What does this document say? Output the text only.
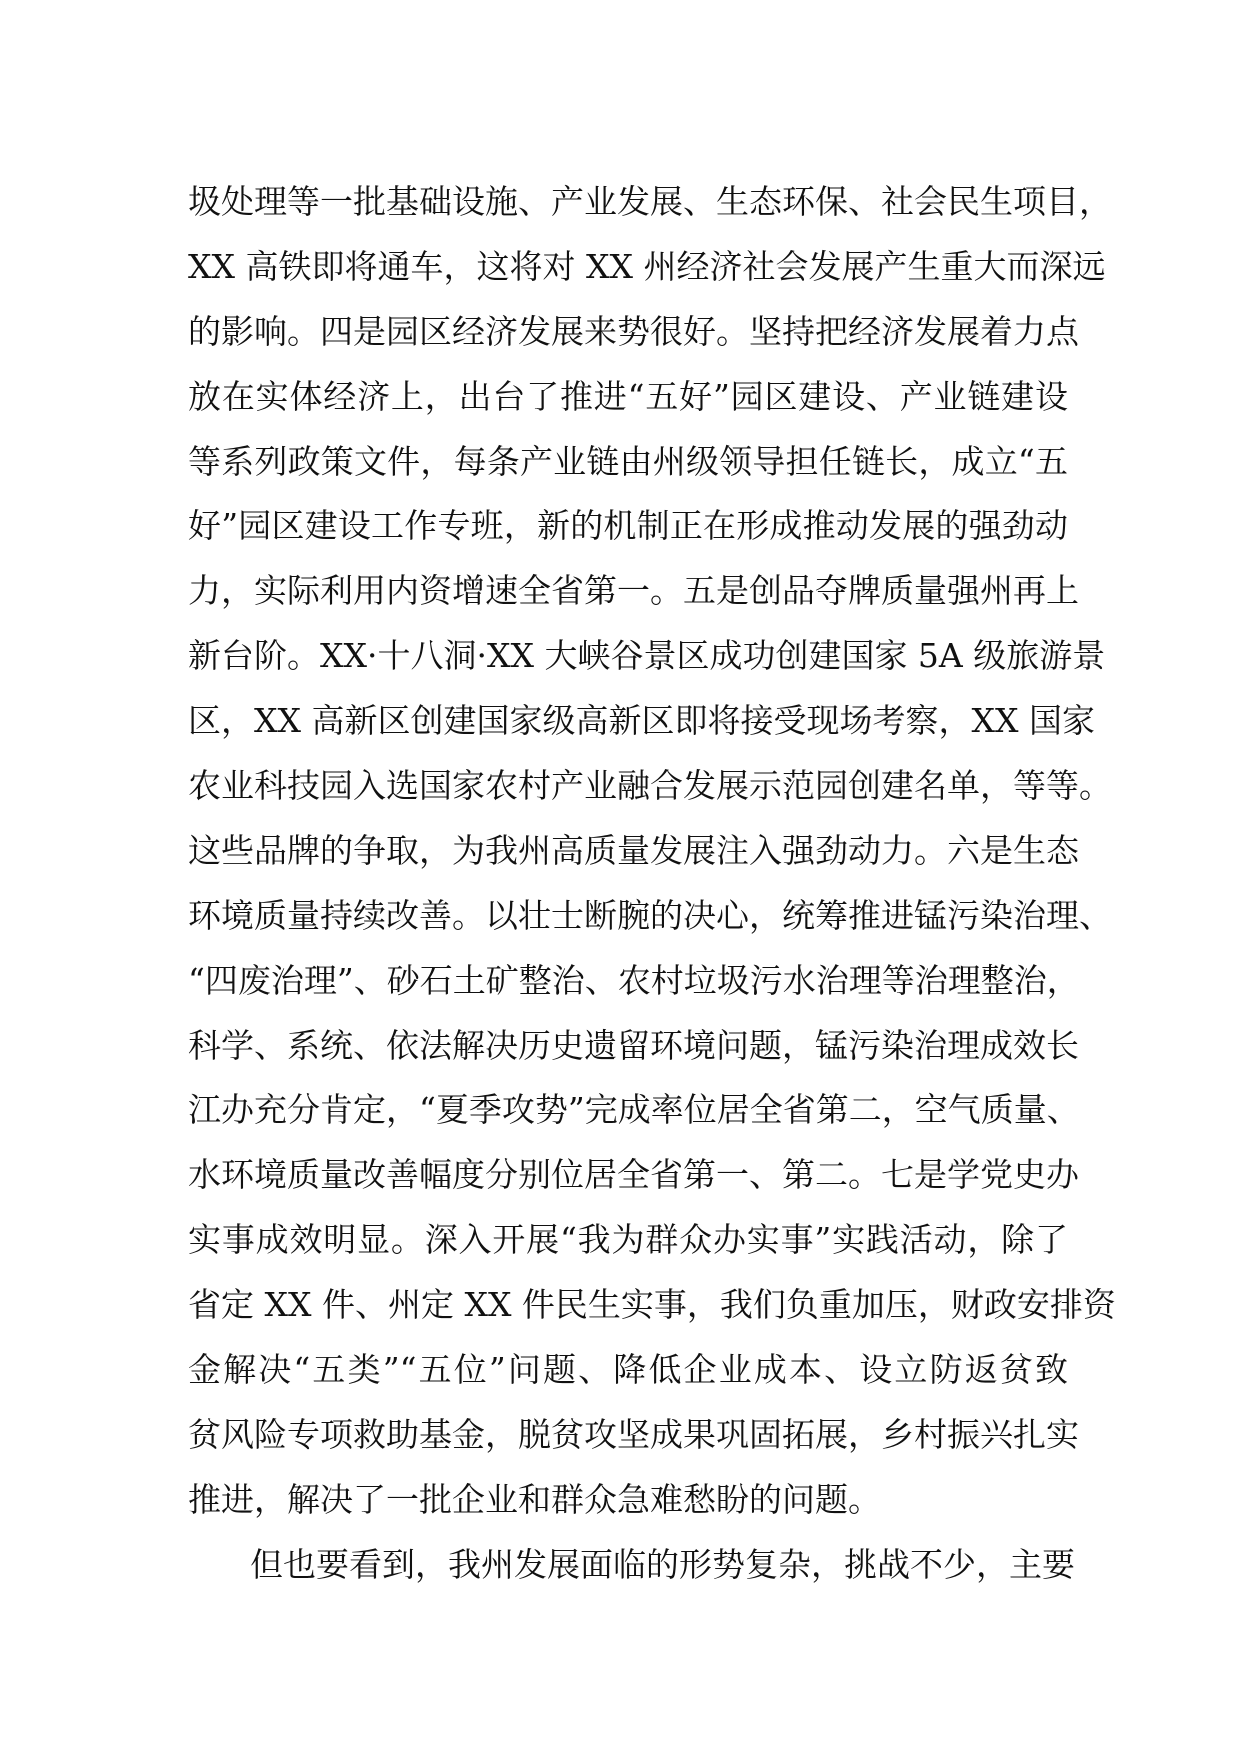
圾处理等一批基础设施、产业发展、生态环保、社会民生项目，
XX 高铁即将通车，这将对 XX 州经济社会发展产生重大而深远
的影响。四是园区经济发展来势很好。坚持把经济发展着力点
放在实体经济上，出台了推进“五好”园区建设、产业链建设
等系列政策文件，每条产业链由州级领导担任链长，成立“五
好”园区建设工作专班，新的机制正在形成推动发展的强劲动
力，实际利用内资增速全省第一。五是创品夺牌质量强州再上
新台阶。XX·十八洞·XX 大峡谷景区成功创建国家 5A 级旅游景
区，XX 高新区创建国家级高新区即将接受现场考察，XX 国家
农业科技园入选国家农村产业融合发展示范园创建名单，等等。
这些品牌的争取，为我州高质量发展注入强劲动力。六是生态
环境质量持续改善。以壮士断腕的决心，统筹推进锰污染治理、
“四废治理”、砂石土矿整治、农村垃圾污水治理等治理整治，
科学、系统、依法解决历史遗留环境问题，锰污染治理成效长
江办充分肯定，“夏季攻势”完成率位居全省第二，空气质量、
水环境质量改善幅度分别位居全省第一、第二。七是学党史办
实事成效明显。深入开展“我为群众办实事”实践活动，除了
省定 XX 件、州定 XX 件民生实事，我们负重加压，财政安排资
金解决“五类”“五位”问题、降低企业成本、设立防返贫致
贫风险专项救助基金，脱贫攻坚成果巩固拓展，乡村振兴扎实
推进，解决了一批企业和群众急难愁盼的问题。
但也要看到，我州发展面临的形势复杂，挑战不少，主要
